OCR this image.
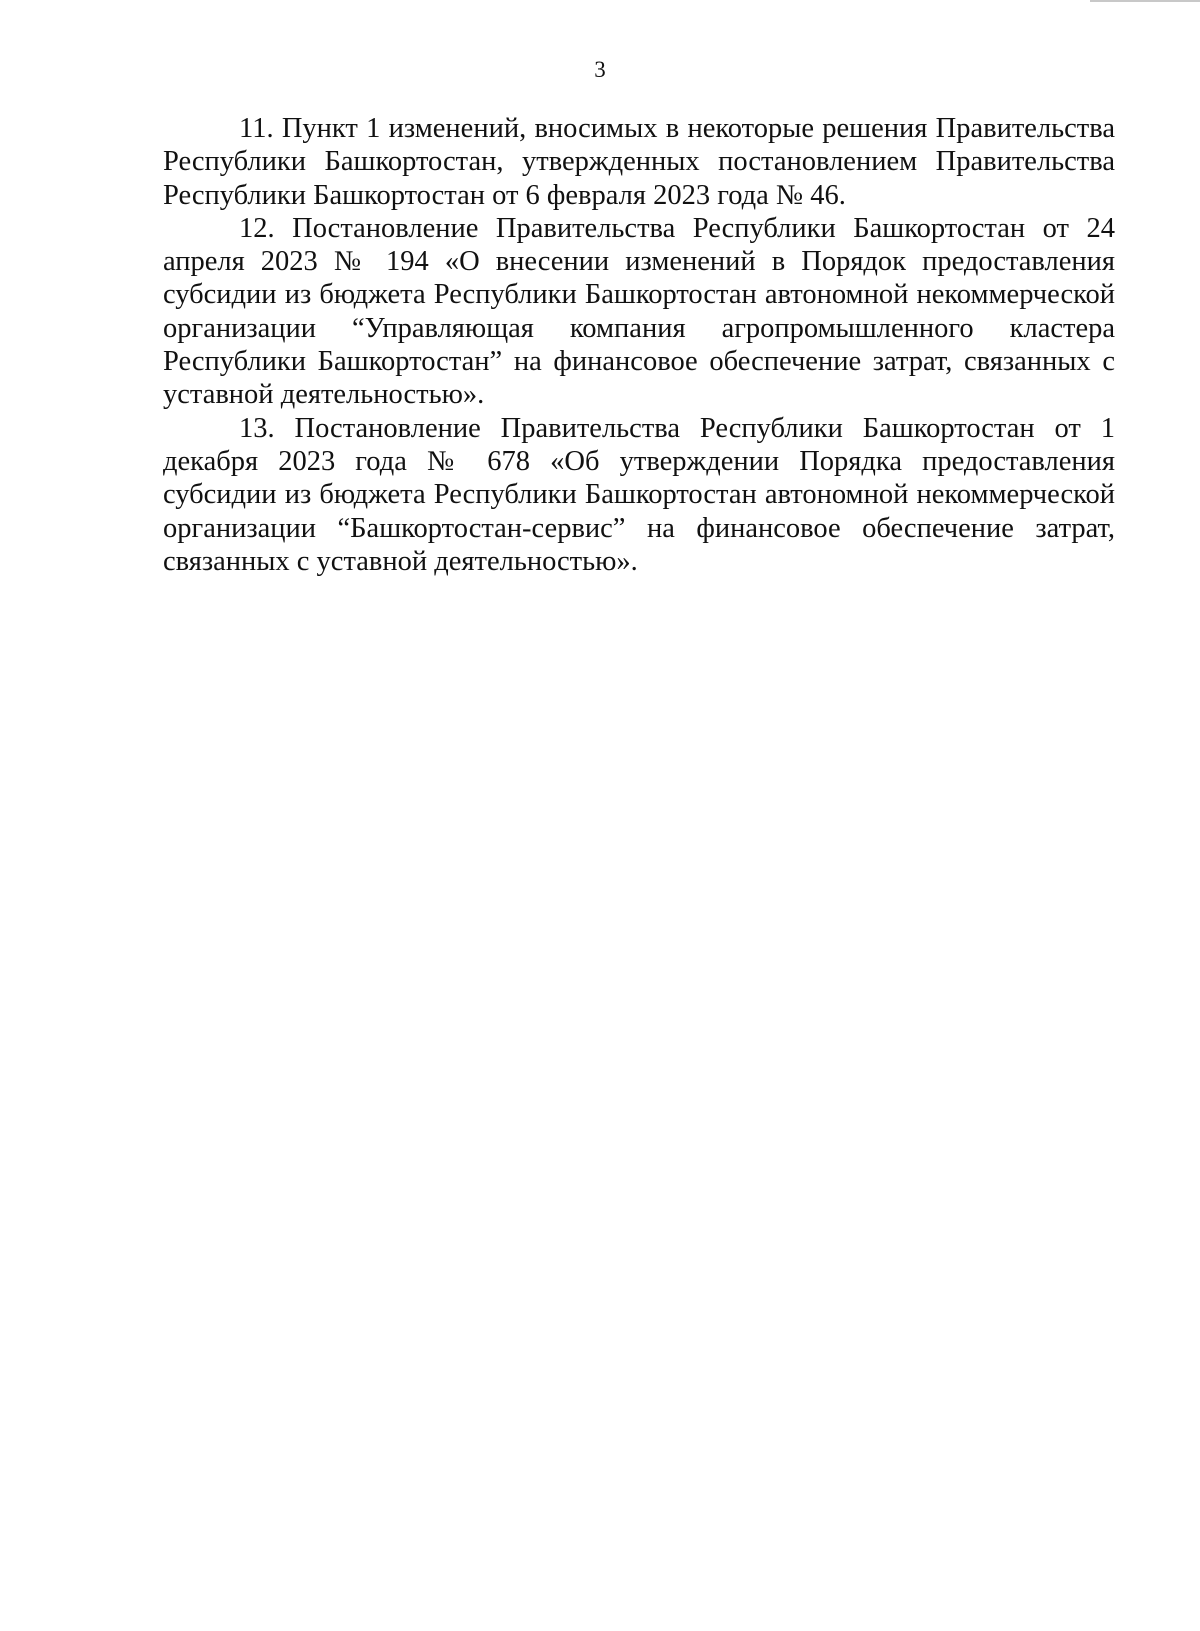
3

11. Пункт 1 изменений, вносимых в некоторые решения Правительства Республики Башкортостан, утвержденных постановлением Правительства Республики Башкортостан от 6 февраля 2023 года № 46.

12. Постановление Правительства Республики Башкортостан от 24 апреля 2023 № 194 «О внесении изменений в Порядок предоставления субсидии из бюджета Республики Башкортостан автономной некоммерческой организации “Управляющая компания агропромышленного кластера Республики Башкортостан” на финансовое обеспечение затрат, связанных с уставной деятельностью».

13. Постановление Правительства Республики Башкортостан от 1 декабря 2023 года № 678 «Об утверждении Порядка предоставления субсидии из бюджета Республики Башкортостан автономной некоммерческой организации “Башкортостан-сервис” на финансовое обеспечение затрат, связанных с уставной деятельностью».
